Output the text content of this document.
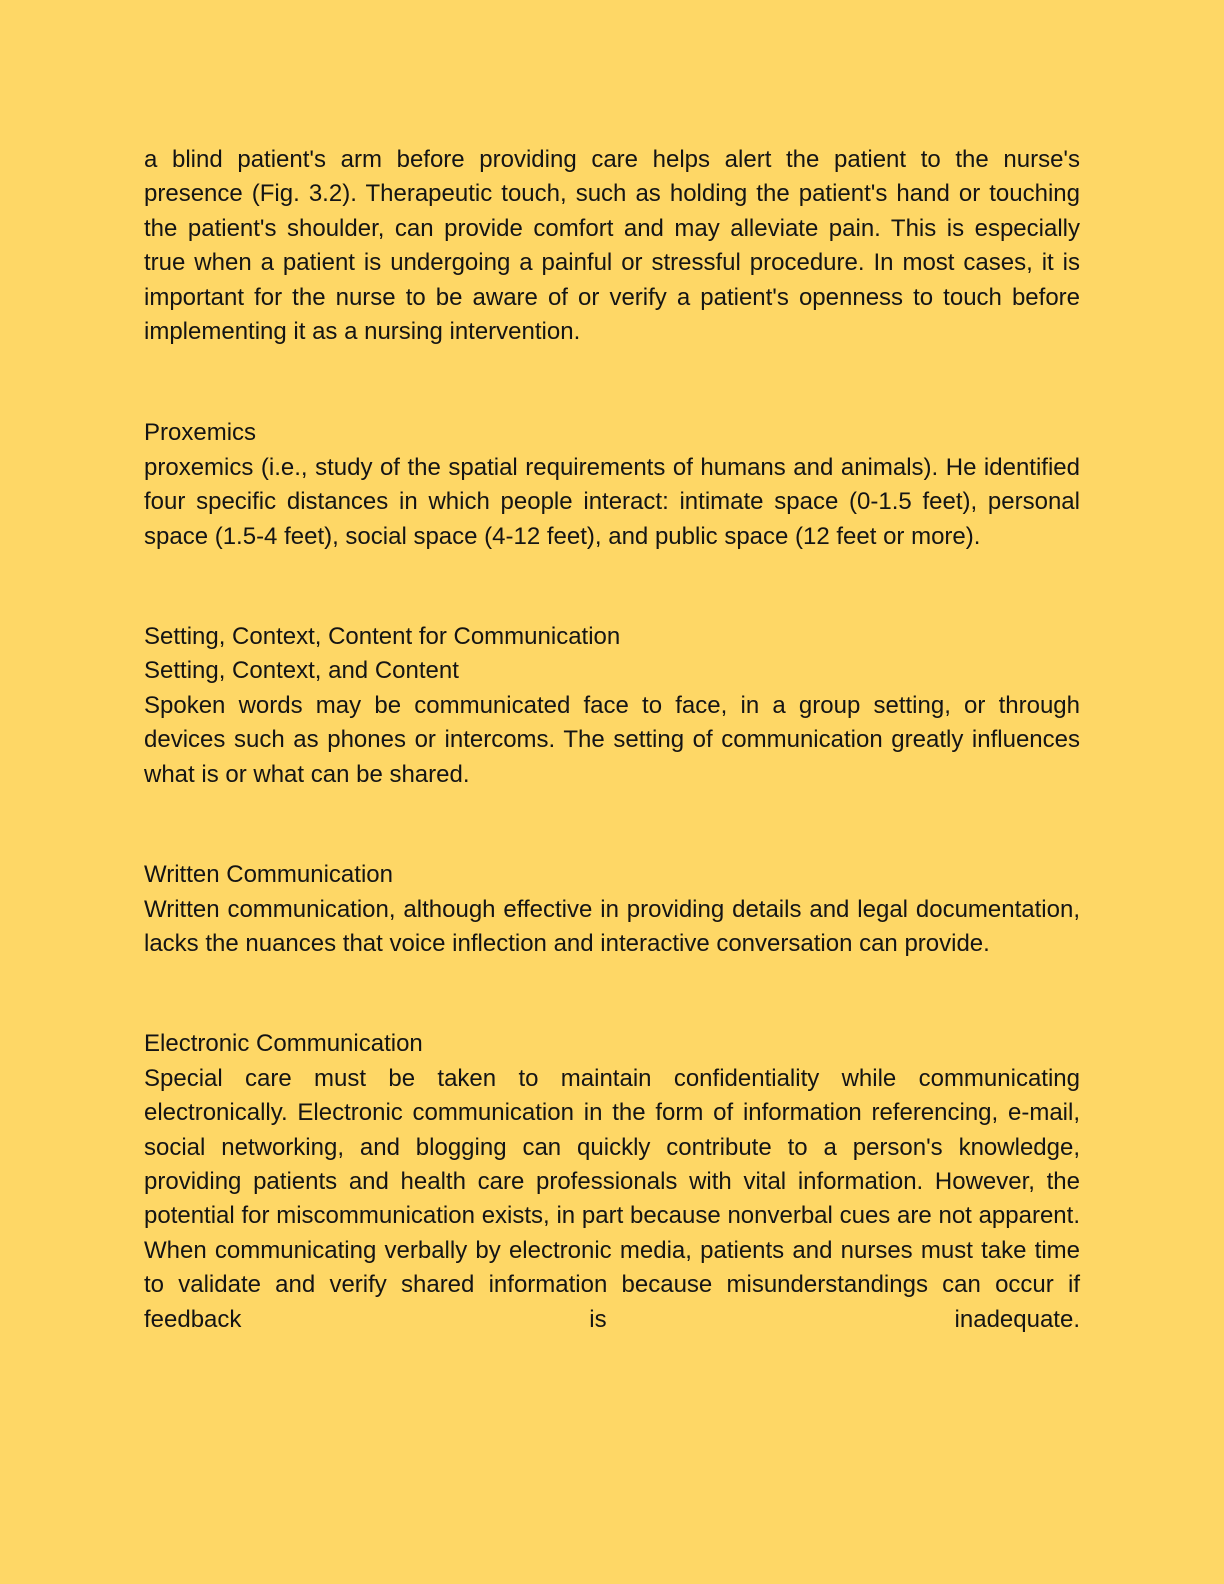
a blind patient's arm before providing care helps alert the patient to the nurse's presence (Fig. 3.2). Therapeutic touch, such as holding the patient's hand or touching the patient's shoulder, can provide comfort and may alleviate pain. This is especially true when a patient is undergoing a painful or stressful procedure. In most cases, it is important for the nurse to be aware of or verify a patient's openness to touch before implementing it as a nursing intervention.

Proxemics

proxemics (i.e., study of the spatial requirements of humans and animals). He identified four specific distances in which people interact: intimate space (0-1.5 feet), personal space (1.5-4 feet), social space (4-12 feet), and public space (12 feet or more).

Setting, Context, Content for Communication
Setting, Context, and Content

Spoken words may be communicated face to face, in a group setting, or through devices such as phones or intercoms. The setting of communication greatly influences what is or what can be shared.

Written Communication

Written communication, although effective in providing details and legal documentation, lacks the nuances that voice inflection and interactive conversation can provide.

Electronic Communication

Special care must be taken to maintain confidentiality while communicating electronically. Electronic communication in the form of information referencing, e-mail, social networking, and blogging can quickly contribute to a person's knowledge, providing patients and health care professionals with vital information. However, the potential for miscommunication exists, in part because nonverbal cues are not apparent. When communicating verbally by electronic media, patients and nurses must take time to validate and verify shared information because misunderstandings can occur if feedback is inadequate.
